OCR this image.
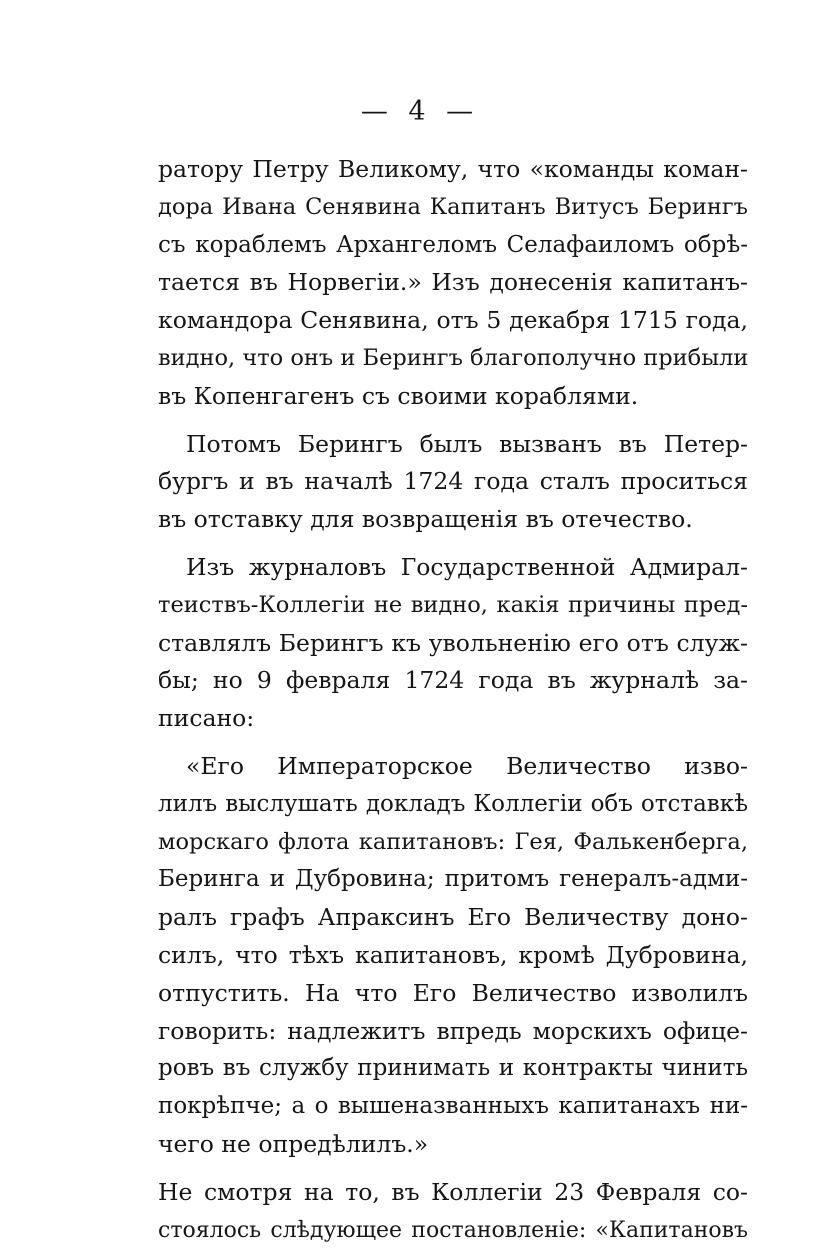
— 4 —
ратору Петру Великому, что «команды коман-
дора Ивана Сенявина Капитанъ Витусъ Берингъ
съ кораблемъ Архангеломъ Селафаиломъ обрѣ-
тается въ Норвегіи.» Изъ донесенія капитанъ-
командора Сенявина, отъ 5 декабря 1715 года,
видно, что онъ и Берингъ благополучно прибыли
въ Копенгагенъ съ своими кораблями.
Потомъ Берингъ былъ вызванъ въ Петер-
бургъ и въ началѣ 1724 года сталъ проситься
въ отставку для возвращенія въ отечество.
Изъ журналовъ Государственной Адмирал-
теиствъ-Коллегіи не видно, какія причины пред-
ставлялъ Берингъ къ увольненію его отъ служ-
бы; но 9 февраля 1724 года въ журналѣ за-
писано:
«Его Императорское Величество изво-
лилъ выслушать докладъ Коллегіи объ отставкѣ
морскаго флота капитановъ: Гея, Фалькенберга,
Беринга и Дубровина; притомъ генералъ-адми-
ралъ графъ Апраксинъ Его Величеству доно-
силъ, что тѣхъ капитановъ, кромѣ Дубровина,
отпустить. На что Его Величество изволилъ
говорить: надлежитъ впредь морскихъ офице-
ровъ въ службу принимать и контракты чинить
покрѣпче; а о вышеназванныхъ капитанахъ ни-
чего не опредѣлилъ.»
Не смотря на то, въ Коллегіи 23 Февраля со-
стоялось слѣдующее постановленіе: «Капитановъ
